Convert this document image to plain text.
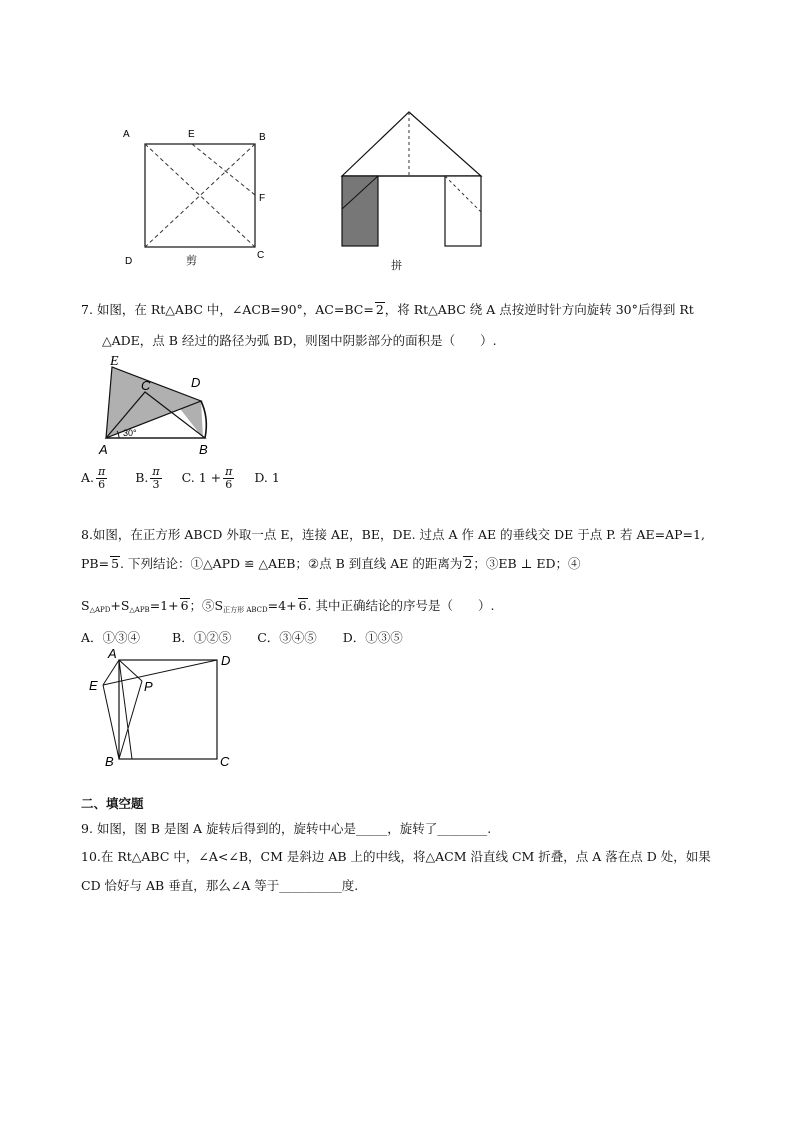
A	E	B
F
D
C
剪	拼
7. 如图，在 Rt△ABC 中，∠ACB=90°，AC=BC= 2，将 Rt△ABC 绕 A 点按逆时针方向旋转 30°后得到 Rt
△ADE，点 B 经过的路径为弧 BD，则图中阴影部分的面积是（　　）.
E
C	D
A	B
30°
A. $\frac{\pi}{6} B$. $\frac{\pi}{3} C$. $1 + \frac{\pi}{6} D$. 1
8.如图，在正方形 ABCD 外取一点 E，连接 AE，BE，DE. 过点 A 作 AE 的垂线交 DE 于点 P. 若 AE=AP=1,
PB= 5. 下列结论：①△APD ≌ △AEB；②点 B 到直线 AE 的距离为 2；③EB ⊥ ED；④
$S_{\triangle APD}+S_{\triangle APB}=1+ 6$；$⑤S_{正方形 ABCD}=4+ 6$. 其中正确结论的序号是（　　）.
A．①③④	B．①②⑤ C．③④⑤ D．①③⑤
A	D
E	P
B	C
二、填空题
9. 如图，图 B 是图 A 旋转后得到的，旋转中心是_____，旋转了________.
10.在 Rt△ABC 中，∠A<∠B，CM 是斜边 AB 上的中线，将△ACM 沿直线 CM 折叠，点 A 落在点 D 处，如果
CD 恰好与 AB 垂直，那么∠A 等于__________度.
